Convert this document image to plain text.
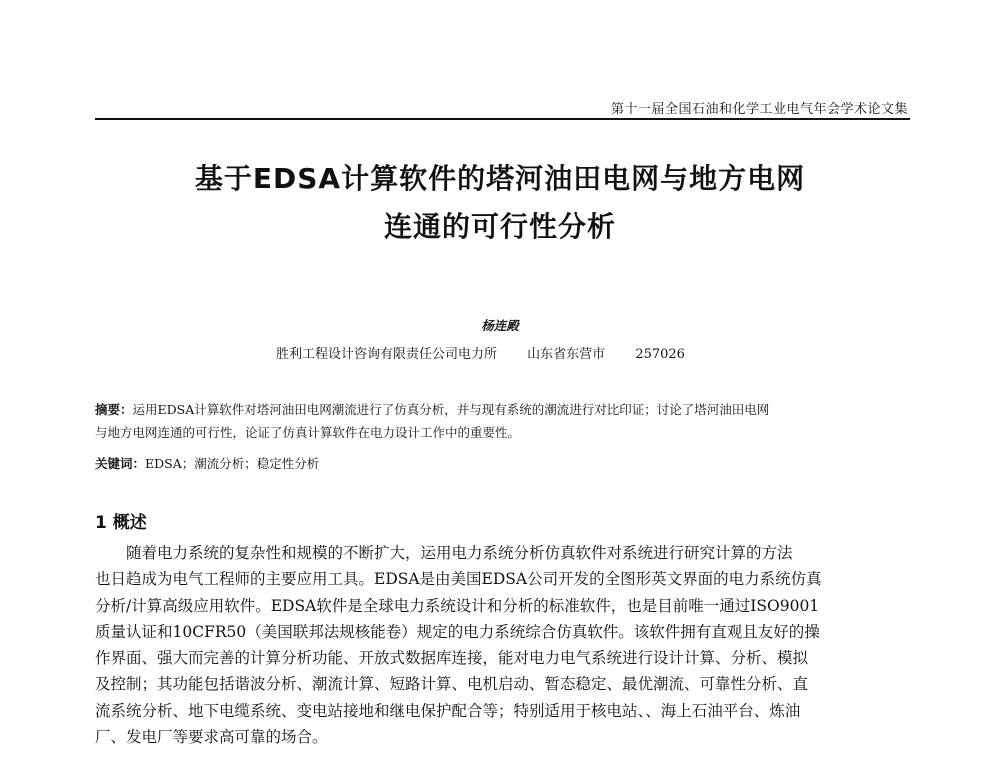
第十一届全国石油和化学工业电气年会学术论文集
基于EDSA计算软件的塔河油田电网与地方电网
连通的可行性分析
杨连殿
胜利工程设计咨询有限责任公司电力所 山东省东营市 257026
摘要：运用EDSA计算软件对塔河油田电网潮流进行了仿真分析，并与现有系统的潮流进行对比印证；讨论了塔河油田电网
与地方电网连通的可行性，论证了仿真计算软件在电力设计工作中的重要性。
关键词：EDSA；潮流分析；稳定性分析
1 概述
　　随着电力系统的复杂性和规模的不断扩大，运用电力系统分析仿真软件对系统进行研究计算的方法
也日趋成为电气工程师的主要应用工具。EDSA是由美国EDSA公司开发的全图形英文界面的电力系统仿真
分析/计算高级应用软件。EDSA软件是全球电力系统设计和分析的标准软件，也是目前唯一通过ISO9001
质量认证和10CFR50（美国联邦法规核能卷）规定的电力系统综合仿真软件。该软件拥有直观且友好的操
作界面、强大而完善的计算分析功能、开放式数据库连接，能对电力电气系统进行设计计算、分析、模拟
及控制；其功能包括谐波分析、潮流计算、短路计算、电机启动、暂态稳定、最优潮流、可靠性分析、直
流系统分析、地下电缆系统、变电站接地和继电保护配合等；特别适用于核电站、、海上石油平台、炼油
厂、发电厂等要求高可靠的场合。
